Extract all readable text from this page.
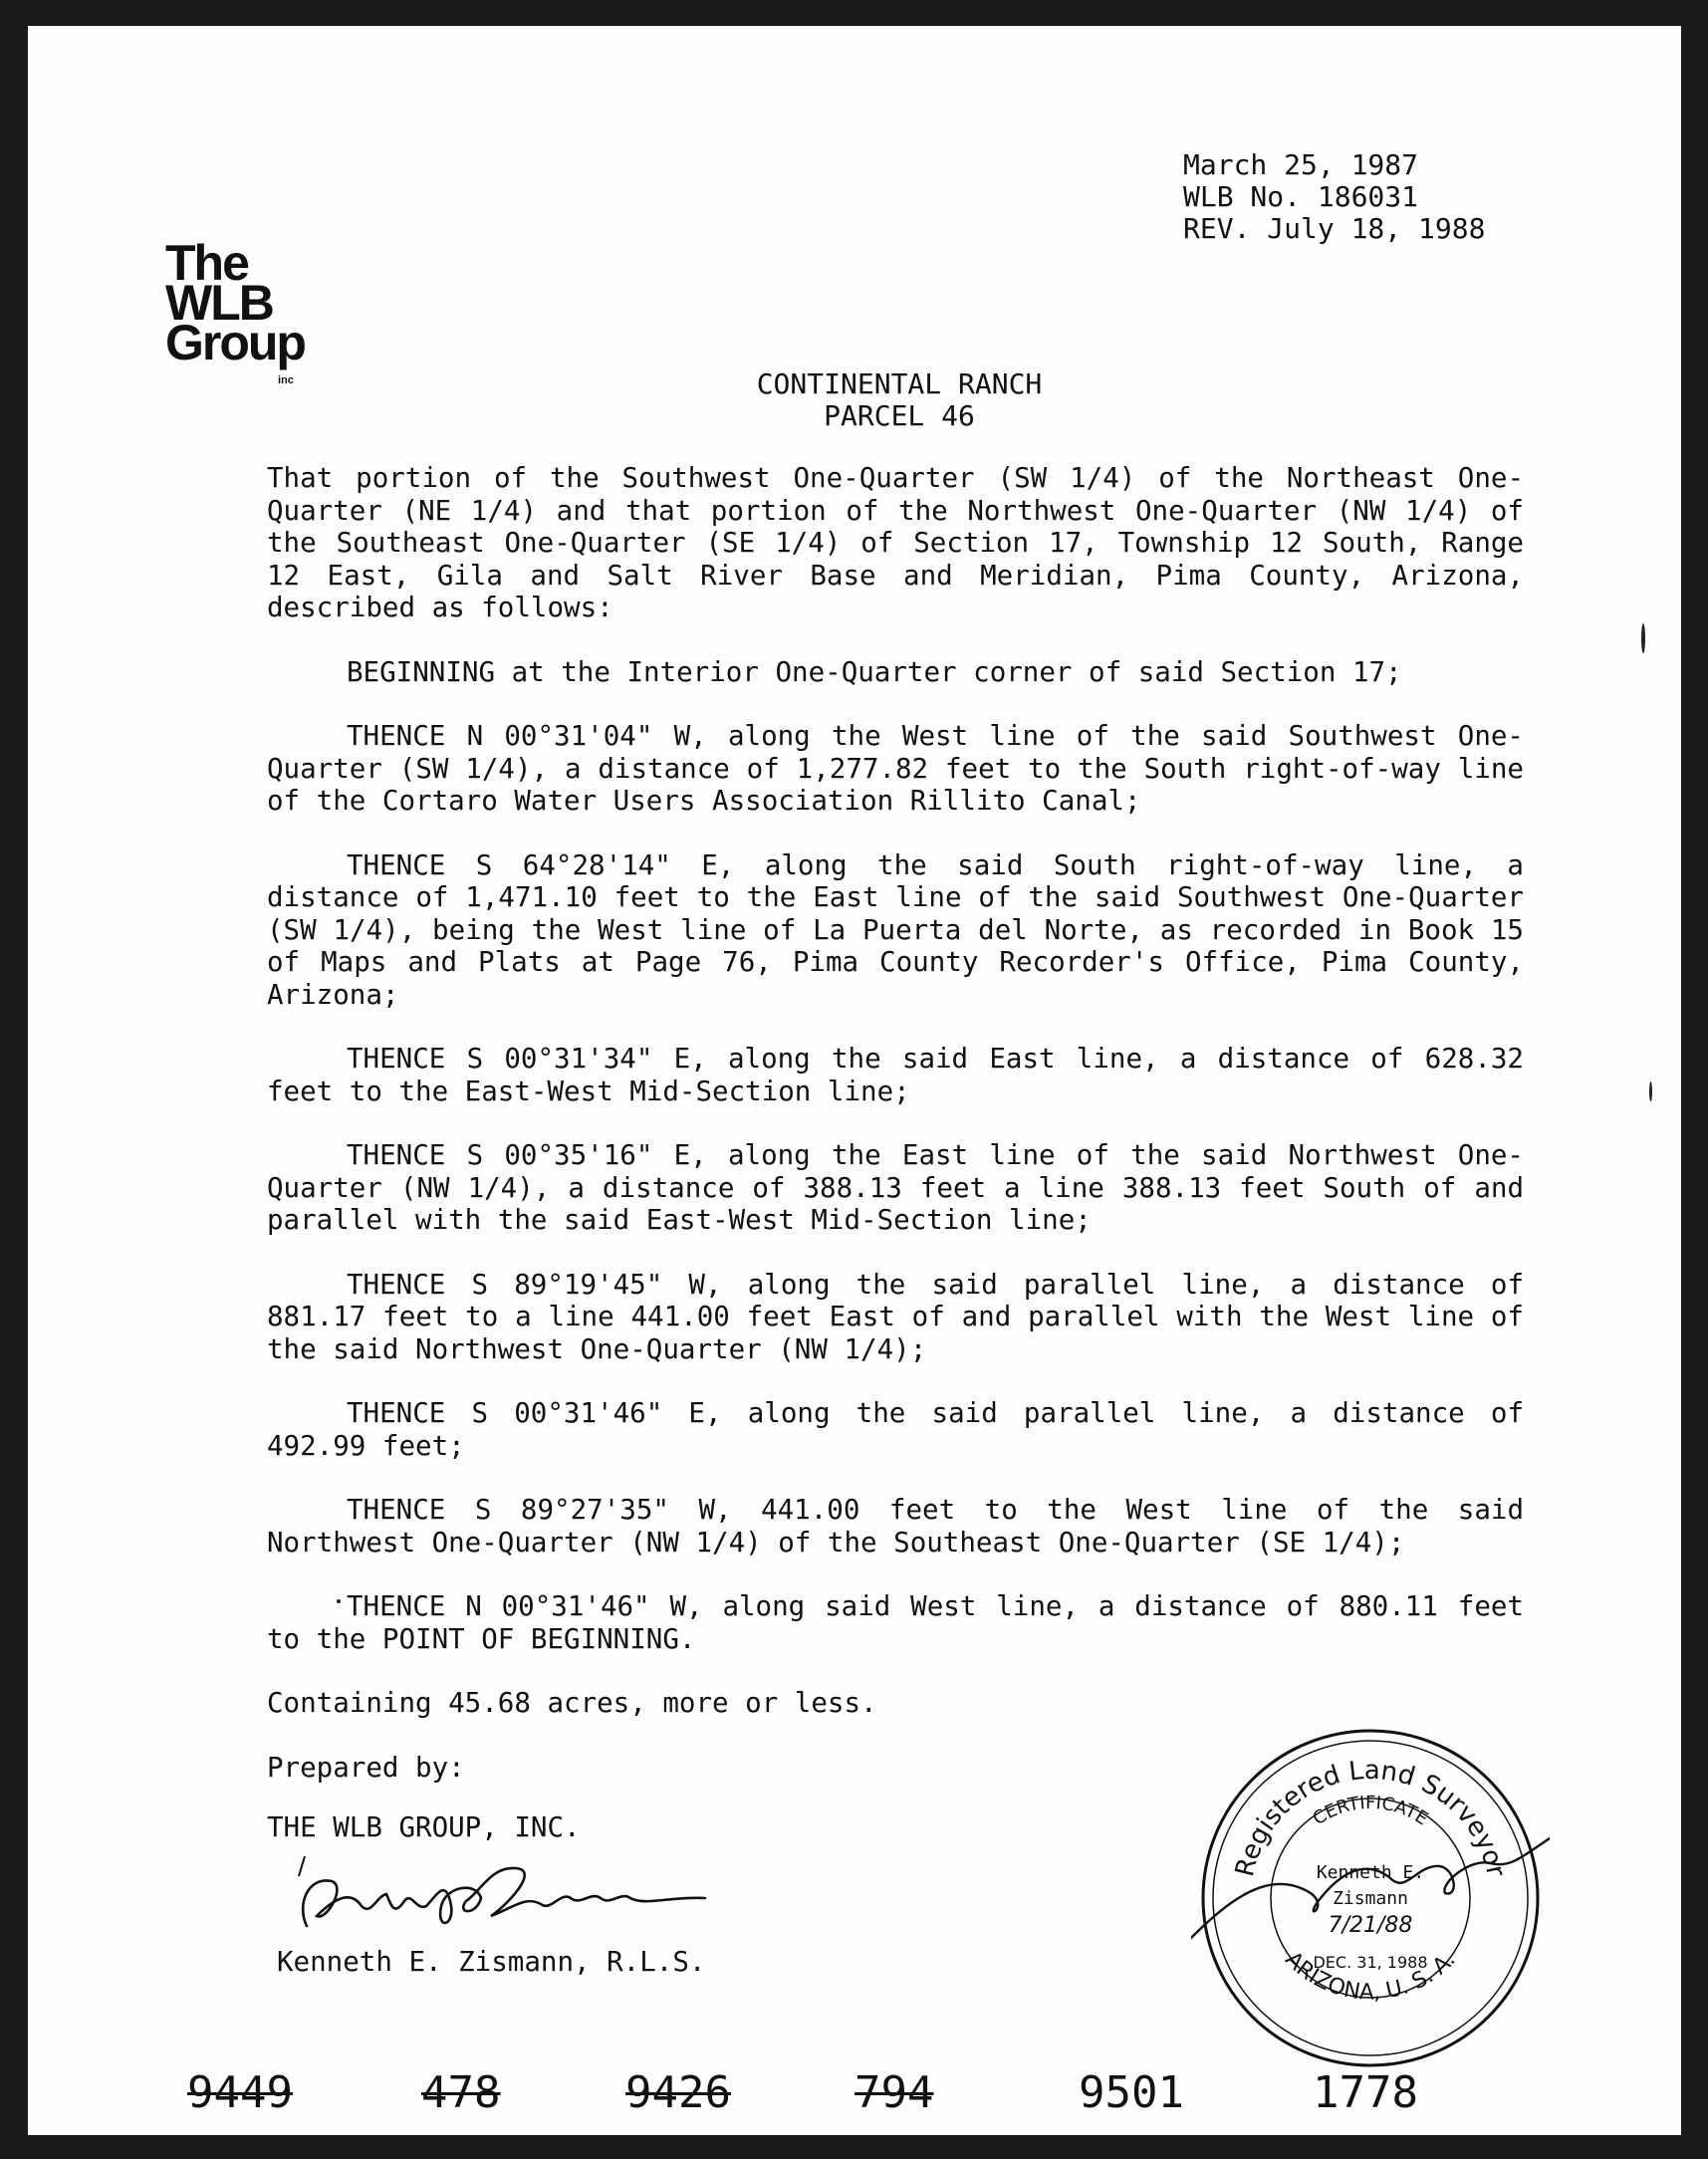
March 25, 1987
WLB No. 186031
REV. July 18, 1988
The
WLB
Group
inc	CONTINENTAL RANCH
PARCEL 46

That portion of the Southwest One-Quarter (SW 1/4) of the Northeast One-Quarter (NE 1/4) and that portion of the Northwest One-Quarter (NW 1/4) of the Southeast One-Quarter (SE 1/4) of Section 17, Township 12 South, Range 12 East, Gila and Salt River Base and Meridian, Pima County, Arizona, described as follows:

BEGINNING at the Interior One-Quarter corner of said Section 17;

THENCE N 00°31'04" W, along the West line of the said Southwest One-Quarter (SW 1/4), a distance of 1,277.82 feet to the South right-of-way line of the Cortaro Water Users Association Rillito Canal;

THENCE S 64°28'14" E, along the said South right-of-way line, a distance of 1,471.10 feet to the East line of the said Southwest One-Quarter (SW 1/4), being the West line of La Puerta del Norte, as recorded in Book 15 of Maps and Plats at Page 76, Pima County Recorder's Office, Pima County, Arizona;

THENCE S 00°31'34" E, along the said East line, a distance of 628.32 feet to the East-West Mid-Section line;

THENCE S 00°35'16" E, along the East line of the said Northwest One-Quarter (NW 1/4), a distance of 388.13 feet a line 388.13 feet South of and parallel with the said East-West Mid-Section line;

THENCE S 89°19'45" W, along the said parallel line, a distance of 881.17 feet to a line 441.00 feet East of and parallel with the West line of the said Northwest One-Quarter (NW 1/4);

THENCE S 00°31'46" E, along the said parallel line, a distance of 492.99 feet;

THENCE S 89°27'35" W, 441.00 feet to the West line of the said Northwest One-Quarter (NW 1/4) of the Southeast One-Quarter (SE 1/4);

THENCE N 00°31'46" W, along said West line, a distance of 880.11 feet to the POINT OF BEGINNING.

Containing 45.68 acres, more or less.

Prepared by:

THE WLB GROUP, INC.

Kenneth E. Zismann, R.L.S.
Registered Land Surveyor
CERTIFICATE
ARIZONA, U. S. A.
Kenneth E.
Zismann
7/21/88
DEC. 31, 1988
9449	478	9426	794	9501	1778
